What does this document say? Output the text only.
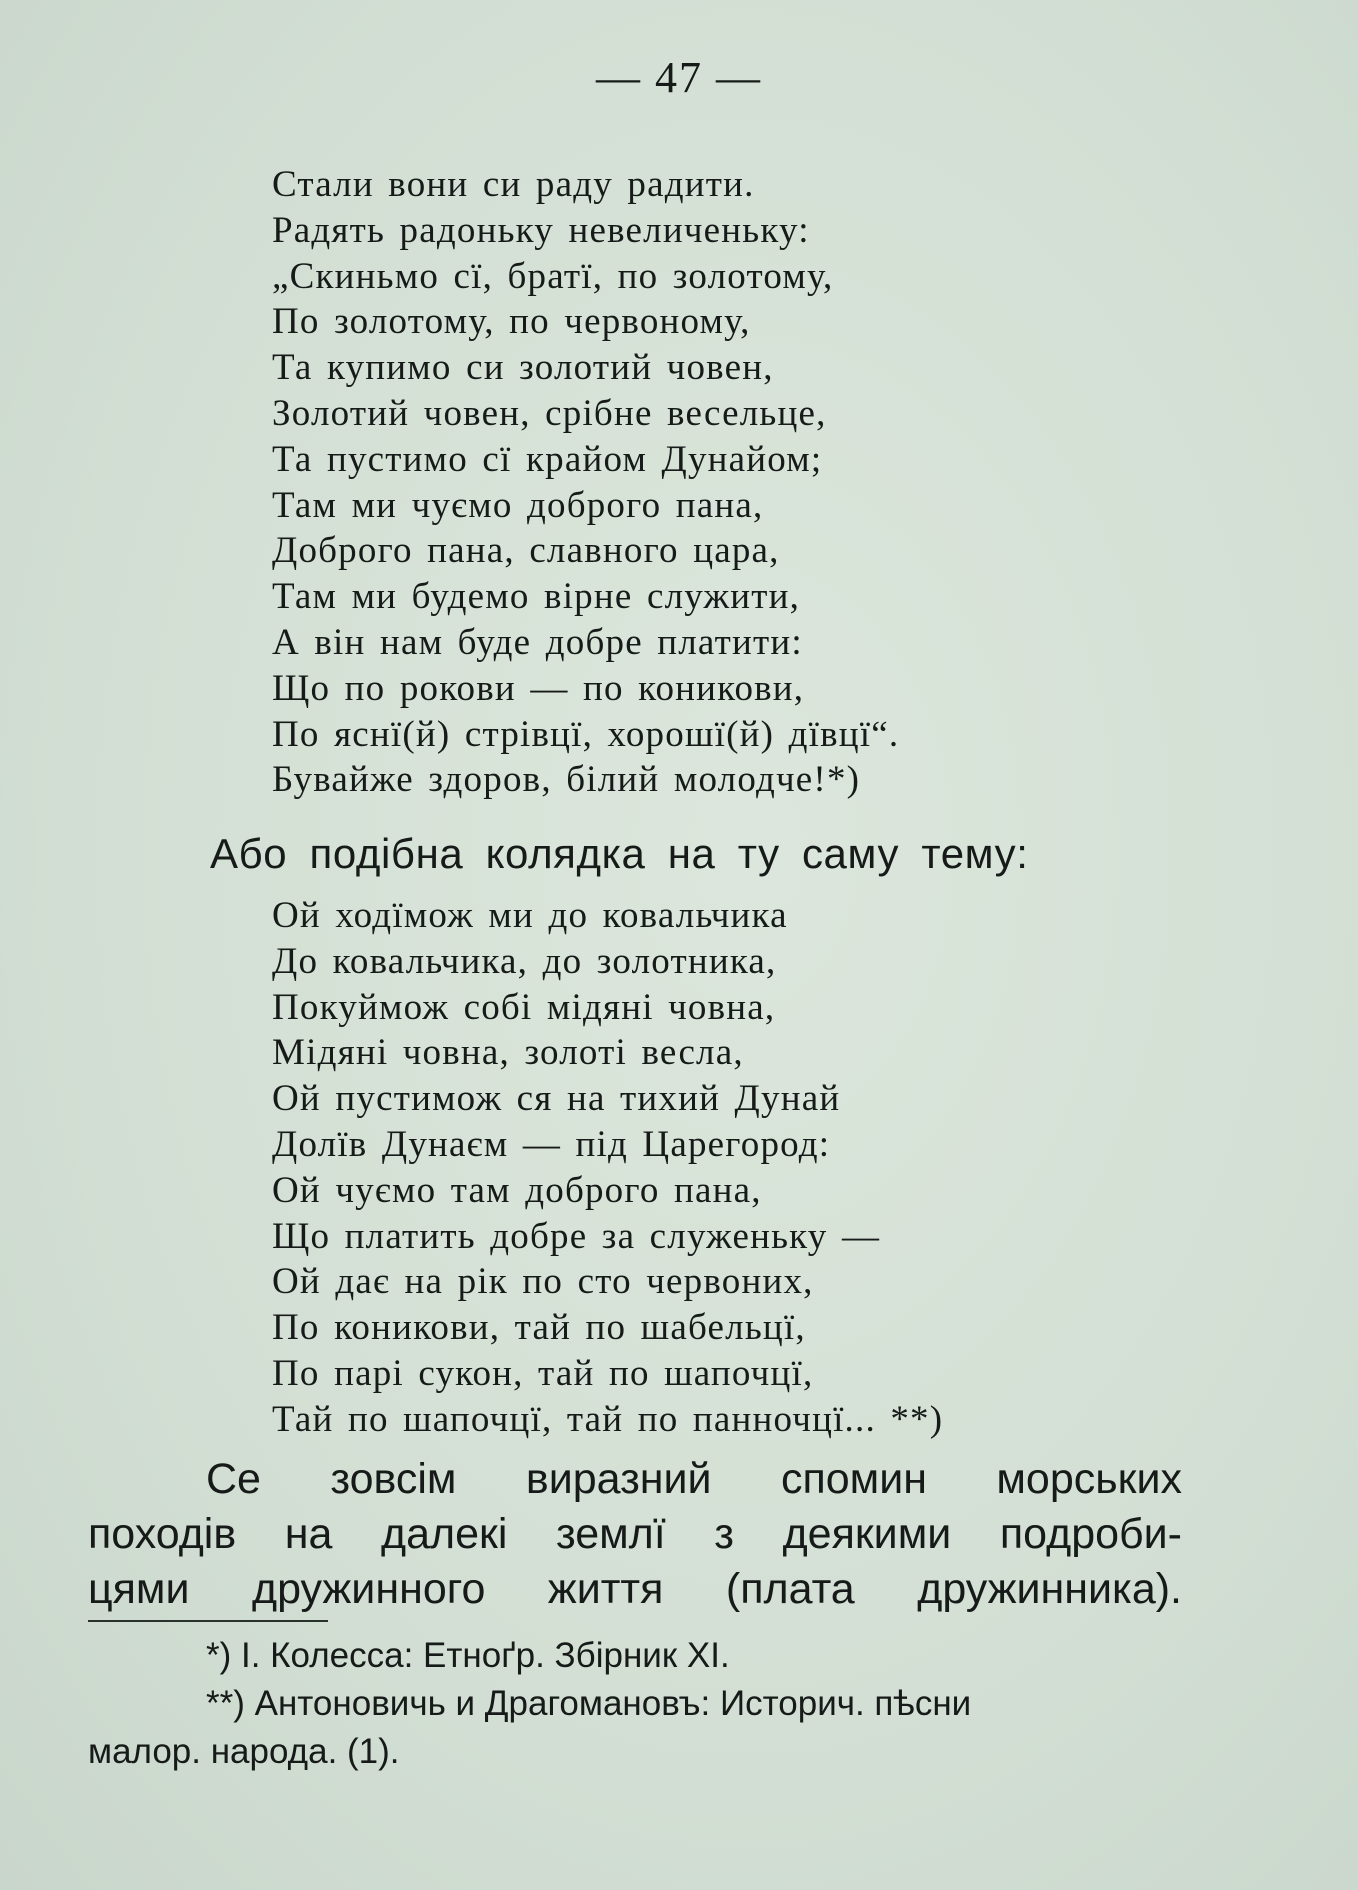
— 47 —
Стали вони си раду радити.
Радять радоньку невеличеньку:
„Скиньмо сї, братї, по золотому,
По золотому, по червоному,
Та купимо си золотий човен,
Золотий човен, срібне весельце,
Та пустимо сї крайом Дунайом;
Там ми чуємо доброго пана,
Доброго пана, славного цара,
Там ми будемо вірне служити,
А він нам буде добре платити:
Що по рокови — по коникови,
По яснї(й) стрівцї, хорошї(й) дївцї“.
Бувайже здоров, білий молодче!*)
Або подібна колядка на ту саму тему:
Ой ходїмож ми до ковальчика
До ковальчика, до золотника,
Покуймож собі мідяні човна,
Мідяні човна, золоті весла,
Ой пустимож ся на тихий Дунай
Долїв Дунаєм — під Царегород:
Ой чуємо там доброго пана,
Що платить добре за служеньку —
Ой дає на рік по сто червоних,
По коникови, тай по шабельцї,
По парі сукон, тай по шапочцї,
Тай по шапочцї, тай по панночцї... **)
Се зовсім виразний спомин морських
походів на далекі землї з деякими подроби-
цями дружинного життя (плата дружинника).
*) І. Колесса: Етноґр. Збірник XI.
**) Антоновичь и Драгомановъ: Историч. пѣсни
малор. народа. (1).
